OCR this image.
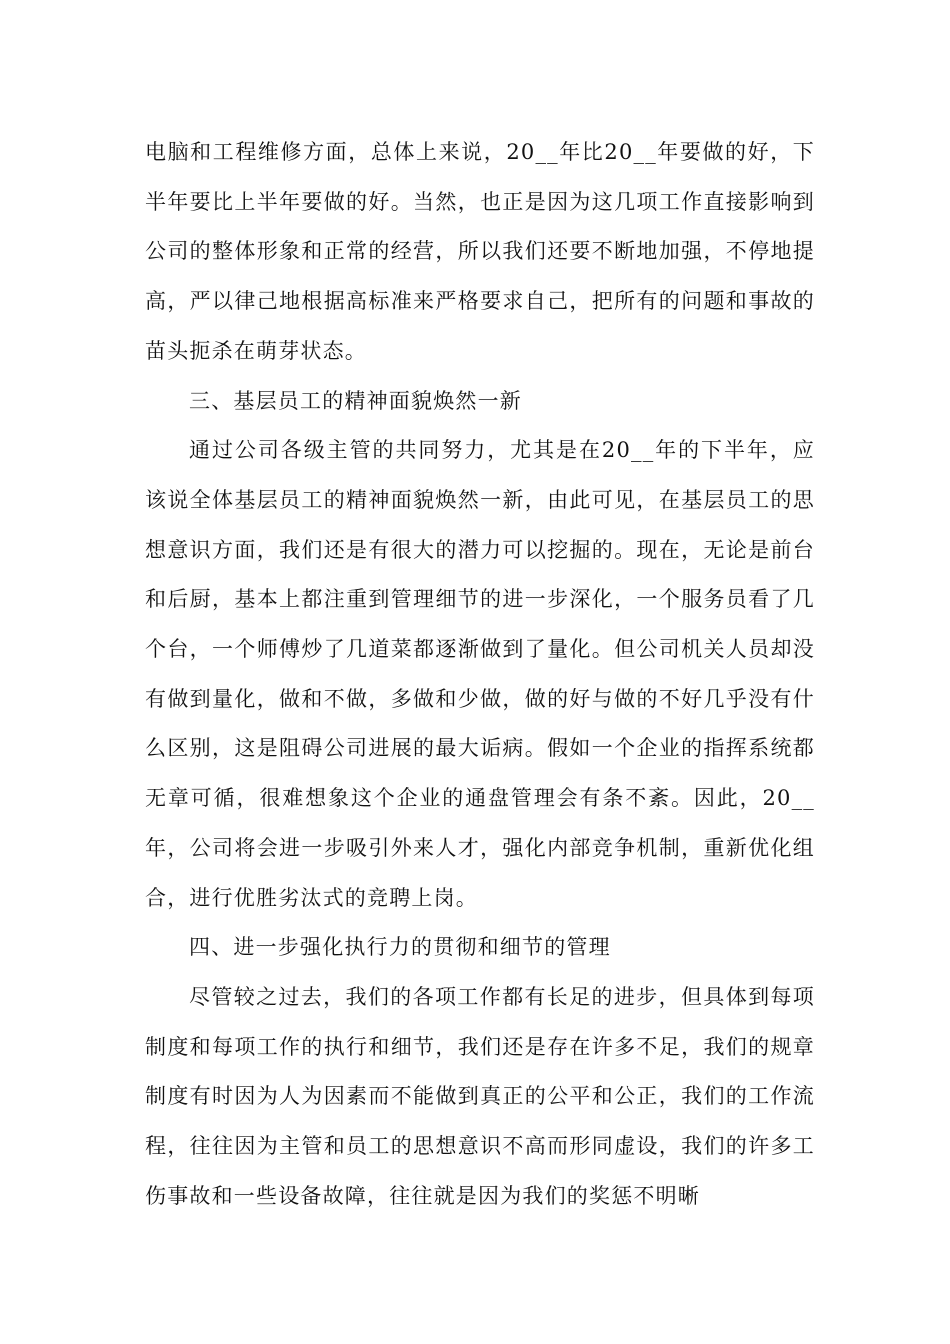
电脑和工程维修方面，总体上来说，20__年比20__年要做的好，下半年要比上半年要做的好。当然，也正是因为这几项工作直接影响到公司的整体形象和正常的经营，所以我们还要不断地加强，不停地提高，严以律己地根据高标准来严格要求自己，把所有的问题和事故的苗头扼杀在萌芽状态。

三、基层员工的精神面貌焕然一新

通过公司各级主管的共同努力，尤其是在20__年的下半年，应该说全体基层员工的精神面貌焕然一新，由此可见，在基层员工的思想意识方面，我们还是有很大的潜力可以挖掘的。现在，无论是前台和后厨，基本上都注重到管理细节的进一步深化，一个服务员看了几个台，一个师傅炒了几道菜都逐渐做到了量化。但公司机关人员却没有做到量化，做和不做，多做和少做，做的好与做的不好几乎没有什么区别，这是阻碍公司进展的最大诟病。假如一个企业的指挥系统都无章可循，很难想象这个企业的通盘管理会有条不紊。因此，20__年，公司将会进一步吸引外来人才，强化内部竞争机制，重新优化组合，进行优胜劣汰式的竞聘上岗。

四、进一步强化执行力的贯彻和细节的管理

尽管较之过去，我们的各项工作都有长足的进步，但具体到每项制度和每项工作的执行和细节，我们还是存在许多不足，我们的规章制度有时因为人为因素而不能做到真正的公平和公正，我们的工作流程，往往因为主管和员工的思想意识不高而形同虚设，我们的许多工伤事故和一些设备故障，往往就是因为我们的奖惩不明晰
